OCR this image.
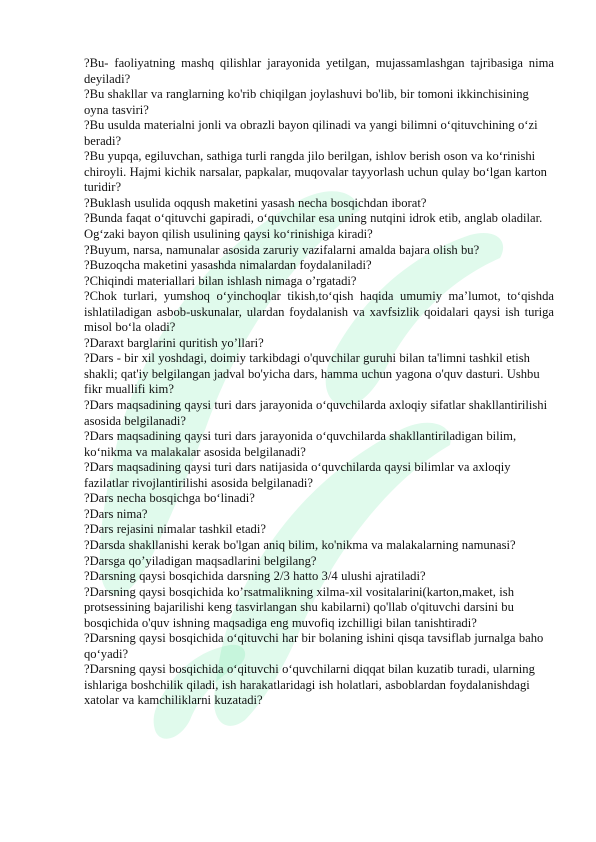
?Bu- faoliyatning mashq qilishlar jarayonida yetilgan, mujassamlashgan tajribasiga nima deyiladi?

?Bu shakllar va ranglarning ko'rib chiqilgan joylashuvi bo'lib, bir tomoni ikkinchisining oyna tasviri?

?Bu usulda materialni jonli va obrazli bayon qilinadi va yangi bilimni o‘qituvchining o‘zi beradi?

?Bu yupqa, egiluvchan, sathiga turli rangda jilo berilgan, ishlov berish oson va ko‘rinishi chiroyli. Hajmi kichik narsalar, papkalar, muqovalar tayyorlash uchun qulay bo‘lgan karton turidir?

?Buklash usulida oqqush maketini yasash necha bosqichdan iborat?

?Bunda faqat o‘qituvchi gapiradi, o‘quvchilar esa uning nutqini idrok etib, anglab oladilar. Og‘zaki bayon qilish usulining qaysi ko‘rinishiga kiradi?

?Buyum, narsa, namunalar asosida zaruriy vazifalarni amalda bajara olish bu?

?Buzoqcha maketini yasashda nimalardan foydalaniladi?

?Chiqindi materiallari bilan ishlash nimaga o’rgatadi?

?Chok turlari, yumshoq o‘yinchoqlar tikish,to‘qish haqida umumiy ma’lumot, to‘qishda ishlatiladigan asbob-uskunalar, ulardan foydalanish va xavfsizlik qoidalari qaysi ish turiga misol bo‘la oladi?

?Daraxt barglarini quritish yo’llari?

?Dars - bir xil yoshdagi, doimiy tarkibdagi o'quvchilar guruhi bilan ta'limni tashkil etish shakli; qat'iy belgilangan jadval bo'yicha dars, hamma uchun yagona o'quv dasturi. Ushbu fikr muallifi kim?

?Dars maqsadining qaysi turi dars jarayonida o‘quvchilarda axloqiy sifatlar shakllantirilishi asosida belgilanadi?

?Dars maqsadining qaysi turi dars jarayonida o‘quvchilarda shakllantiriladigan bilim, ko‘nikma va malakalar asosida belgilanadi?

?Dars maqsadining qaysi turi dars natijasida o‘quvchilarda qaysi bilimlar va axloqiy fazilatlar rivojlantirilishi asosida belgilanadi?

?Dars necha bosqichga bo‘linadi?

?Dars nima?

?Dars rejasini nimalar tashkil etadi?

?Darsda shakllanishi kerak bo'lgan aniq bilim, ko'nikma va malakalarning namunasi?

?Darsga qo’yiladigan maqsadlarini belgilang?

?Darsning qaysi bosqichida darsning 2/3 hatto 3/4 ulushi ajratiladi?

?Darsning qaysi bosqichida ko’rsatmalikning xilma-xil vositalarini(karton,maket, ish protsessining bajarilishi keng tasvirlangan shu kabilarni) qo'llab o'qituvchi darsini bu bosqichida o'quv ishning maqsadiga eng muvofiq izchilligi bilan tanishtiradi?

?Darsning qaysi bosqichida o‘qituvchi har bir bolaning ishini qisqa tavsiflab jurnalga baho qo‘yadi?

?Darsning qaysi bosqichida o‘qituvchi o‘quvchilarni diqqat bilan kuzatib turadi, ularning ishlariga boshchilik qiladi, ish harakatlaridagi ish holatlari, asboblardan foydalanishdagi xatolar va kamchiliklarni kuzatadi?
